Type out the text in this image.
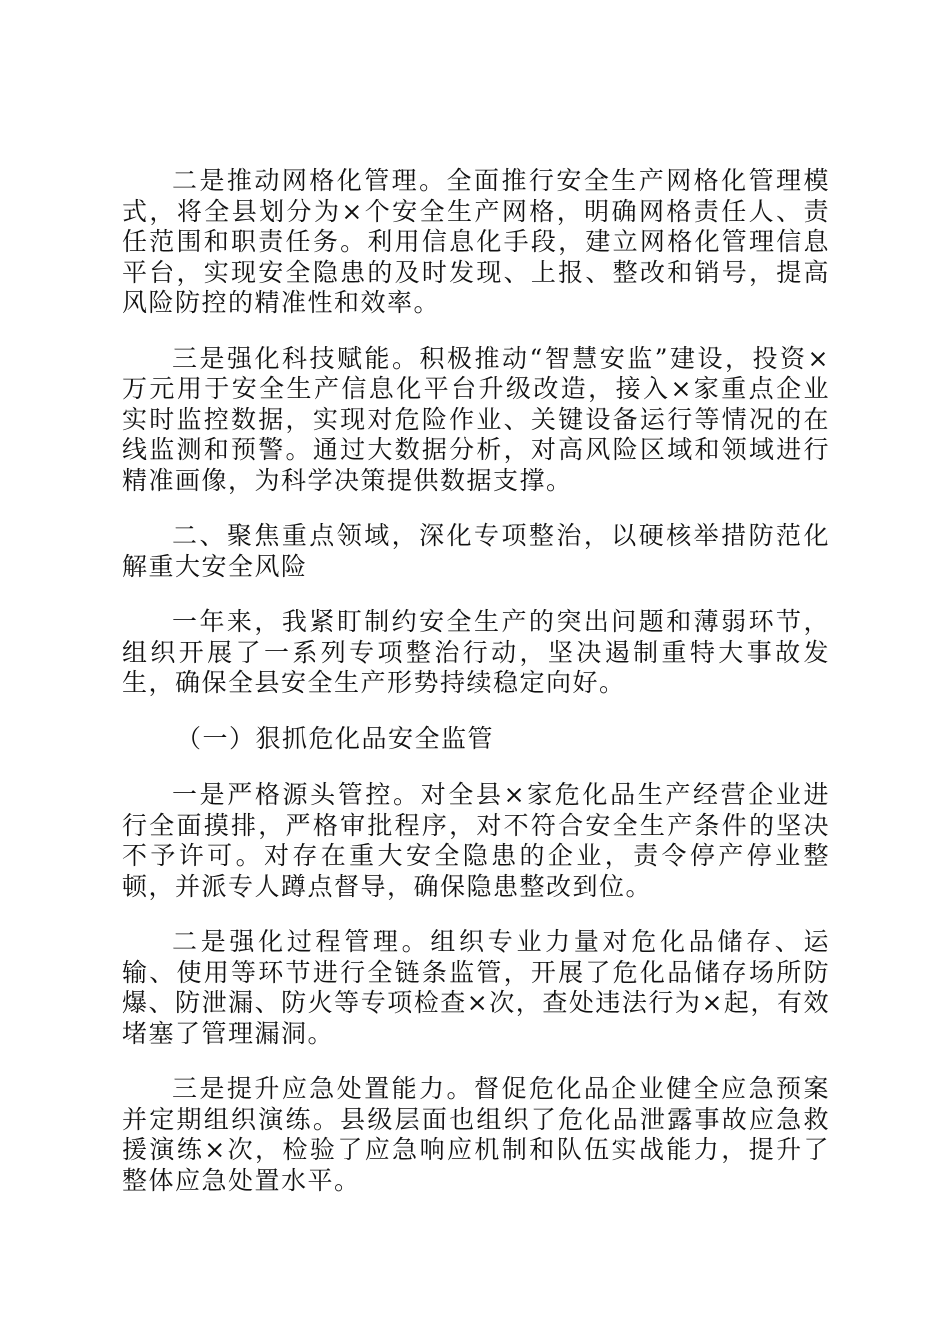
二是推动网格化管理。全面推行安全生产网格化管理模式，将全县划分为×个安全生产网格，明确网格责任人、责任范围和职责任务。利用信息化手段，建立网格化管理信息平台，实现安全隐患的及时发现、上报、整改和销号，提高风险防控的精准性和效率。

三是强化科技赋能。积极推动“智慧安监”建设，投资×万元用于安全生产信息化平台升级改造，接入×家重点企业实时监控数据，实现对危险作业、关键设备运行等情况的在线监测和预警。通过大数据分析，对高风险区域和领域进行精准画像，为科学决策提供数据支撑。

二、聚焦重点领域，深化专项整治，以硬核举措防范化解重大安全风险

一年来，我紧盯制约安全生产的突出问题和薄弱环节，组织开展了一系列专项整治行动，坚决遏制重特大事故发生，确保全县安全生产形势持续稳定向好。

（一）狠抓危化品安全监管

一是严格源头管控。对全县×家危化品生产经营企业进行全面摸排，严格审批程序，对不符合安全生产条件的坚决不予许可。对存在重大安全隐患的企业，责令停产停业整顿，并派专人蹲点督导，确保隐患整改到位。

二是强化过程管理。组织专业力量对危化品储存、运输、使用等环节进行全链条监管，开展了危化品储存场所防爆、防泄漏、防火等专项检查×次，查处违法行为×起，有效堵塞了管理漏洞。

三是提升应急处置能力。督促危化品企业健全应急预案并定期组织演练。县级层面也组织了危化品泄露事故应急救援演练×次，检验了应急响应机制和队伍实战能力，提升了整体应急处置水平。
